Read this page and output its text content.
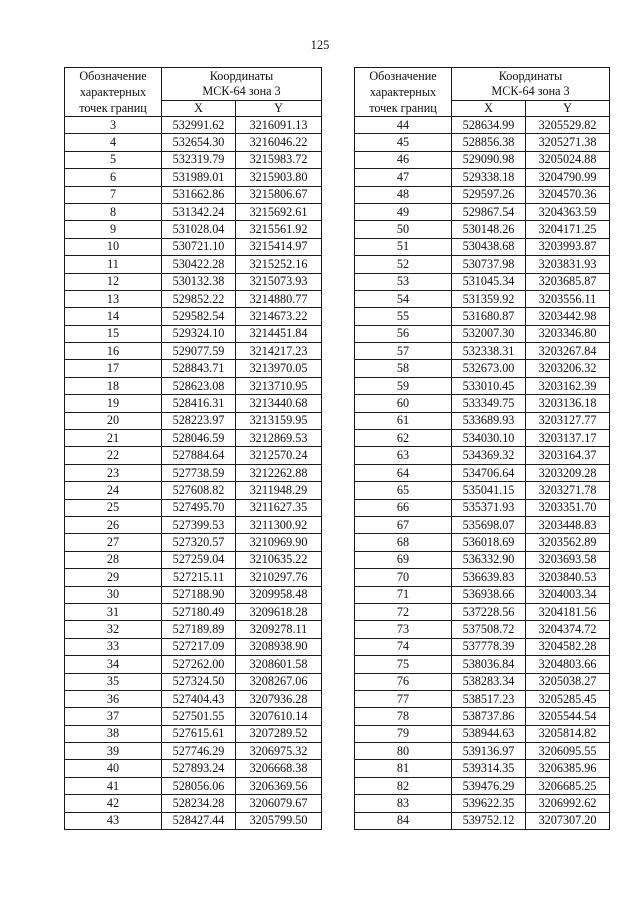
125
Обозначение
характерных
точек границ	Координаты
МСК-64 зона 3	

	X	Y
3	532991.62	3216091.13
4	532654.30	3216046.22
5	532319.79	3215983.72
6	531989.01	3215903.80
7	531662.86	3215806.67
8	531342.24	3215692.61
9	531028.04	3215561.92
10	530721.10	3215414.97
11	530422.28	3215252.16
12	530132.38	3215073.93
13	529852.22	3214880.77
14	529582.54	3214673.22
15	529324.10	3214451.84
16	529077.59	3214217.23
17	528843.71	3213970.05
18	528623.08	3213710.95
19	528416.31	3213440.68
20	528223.97	3213159.95
21	528046.59	3212869.53
22	527884.64	3212570.24
23	527738.59	3212262.88
24	527608.82	3211948.29
25	527495.70	3211627.35
26	527399.53	3211300.92
27	527320.57	3210969.90
28	527259.04	3210635.22
29	527215.11	3210297.76
30	527188.90	3209958.48
31	527180.49	3209618.28
32	527189.89	3209278.11
33	527217.09	3208938.90
34	527262.00	3208601.58
35	527324.50	3208267.06
36	527404.43	3207936.28
37	527501.55	3207610.14
38	527615.61	3207289.52
39	527746.29	3206975.32
40	527893.24	3206668.38
41	528056.06	3206369.56
42	528234.28	3206079.67
43	528427.44	3205799.50
Обозначение
характерных
точек границ	Координаты
МСК-64 зона 3	

	X	Y
44	528634.99	3205529.82
45	528856.38	3205271.38
46	529090.98	3205024.88
47	529338.18	3204790.99
48	529597.26	3204570.36
49	529867.54	3204363.59
50	530148.26	3204171.25
51	530438.68	3203993.87
52	530737.98	3203831.93
53	531045.34	3203685.87
54	531359.92	3203556.11
55	531680.87	3203442.98
56	532007.30	3203346.80
57	532338.31	3203267.84
58	532673.00	3203206.32
59	533010.45	3203162.39
60	533349.75	3203136.18
61	533689.93	3203127.77
62	534030.10	3203137.17
63	534369.32	3203164.37
64	534706.64	3203209.28
65	535041.15	3203271.78
66	535371.93	3203351.70
67	535698.07	3203448.83
68	536018.69	3203562.89
69	536332.90	3203693.58
70	536639.83	3203840.53
71	536938.66	3204003.34
72	537228.56	3204181.56
73	537508.72	3204374.72
74	537778.39	3204582.28
75	538036.84	3204803.66
76	538283.34	3205038.27
77	538517.23	3205285.45
78	538737.86	3205544.54
79	538944.63	3205814.82
80	539136.97	3206095.55
81	539314.35	3206385.96
82	539476.29	3206685.25
83	539622.35	3206992.62
84	539752.12	3207307.20
